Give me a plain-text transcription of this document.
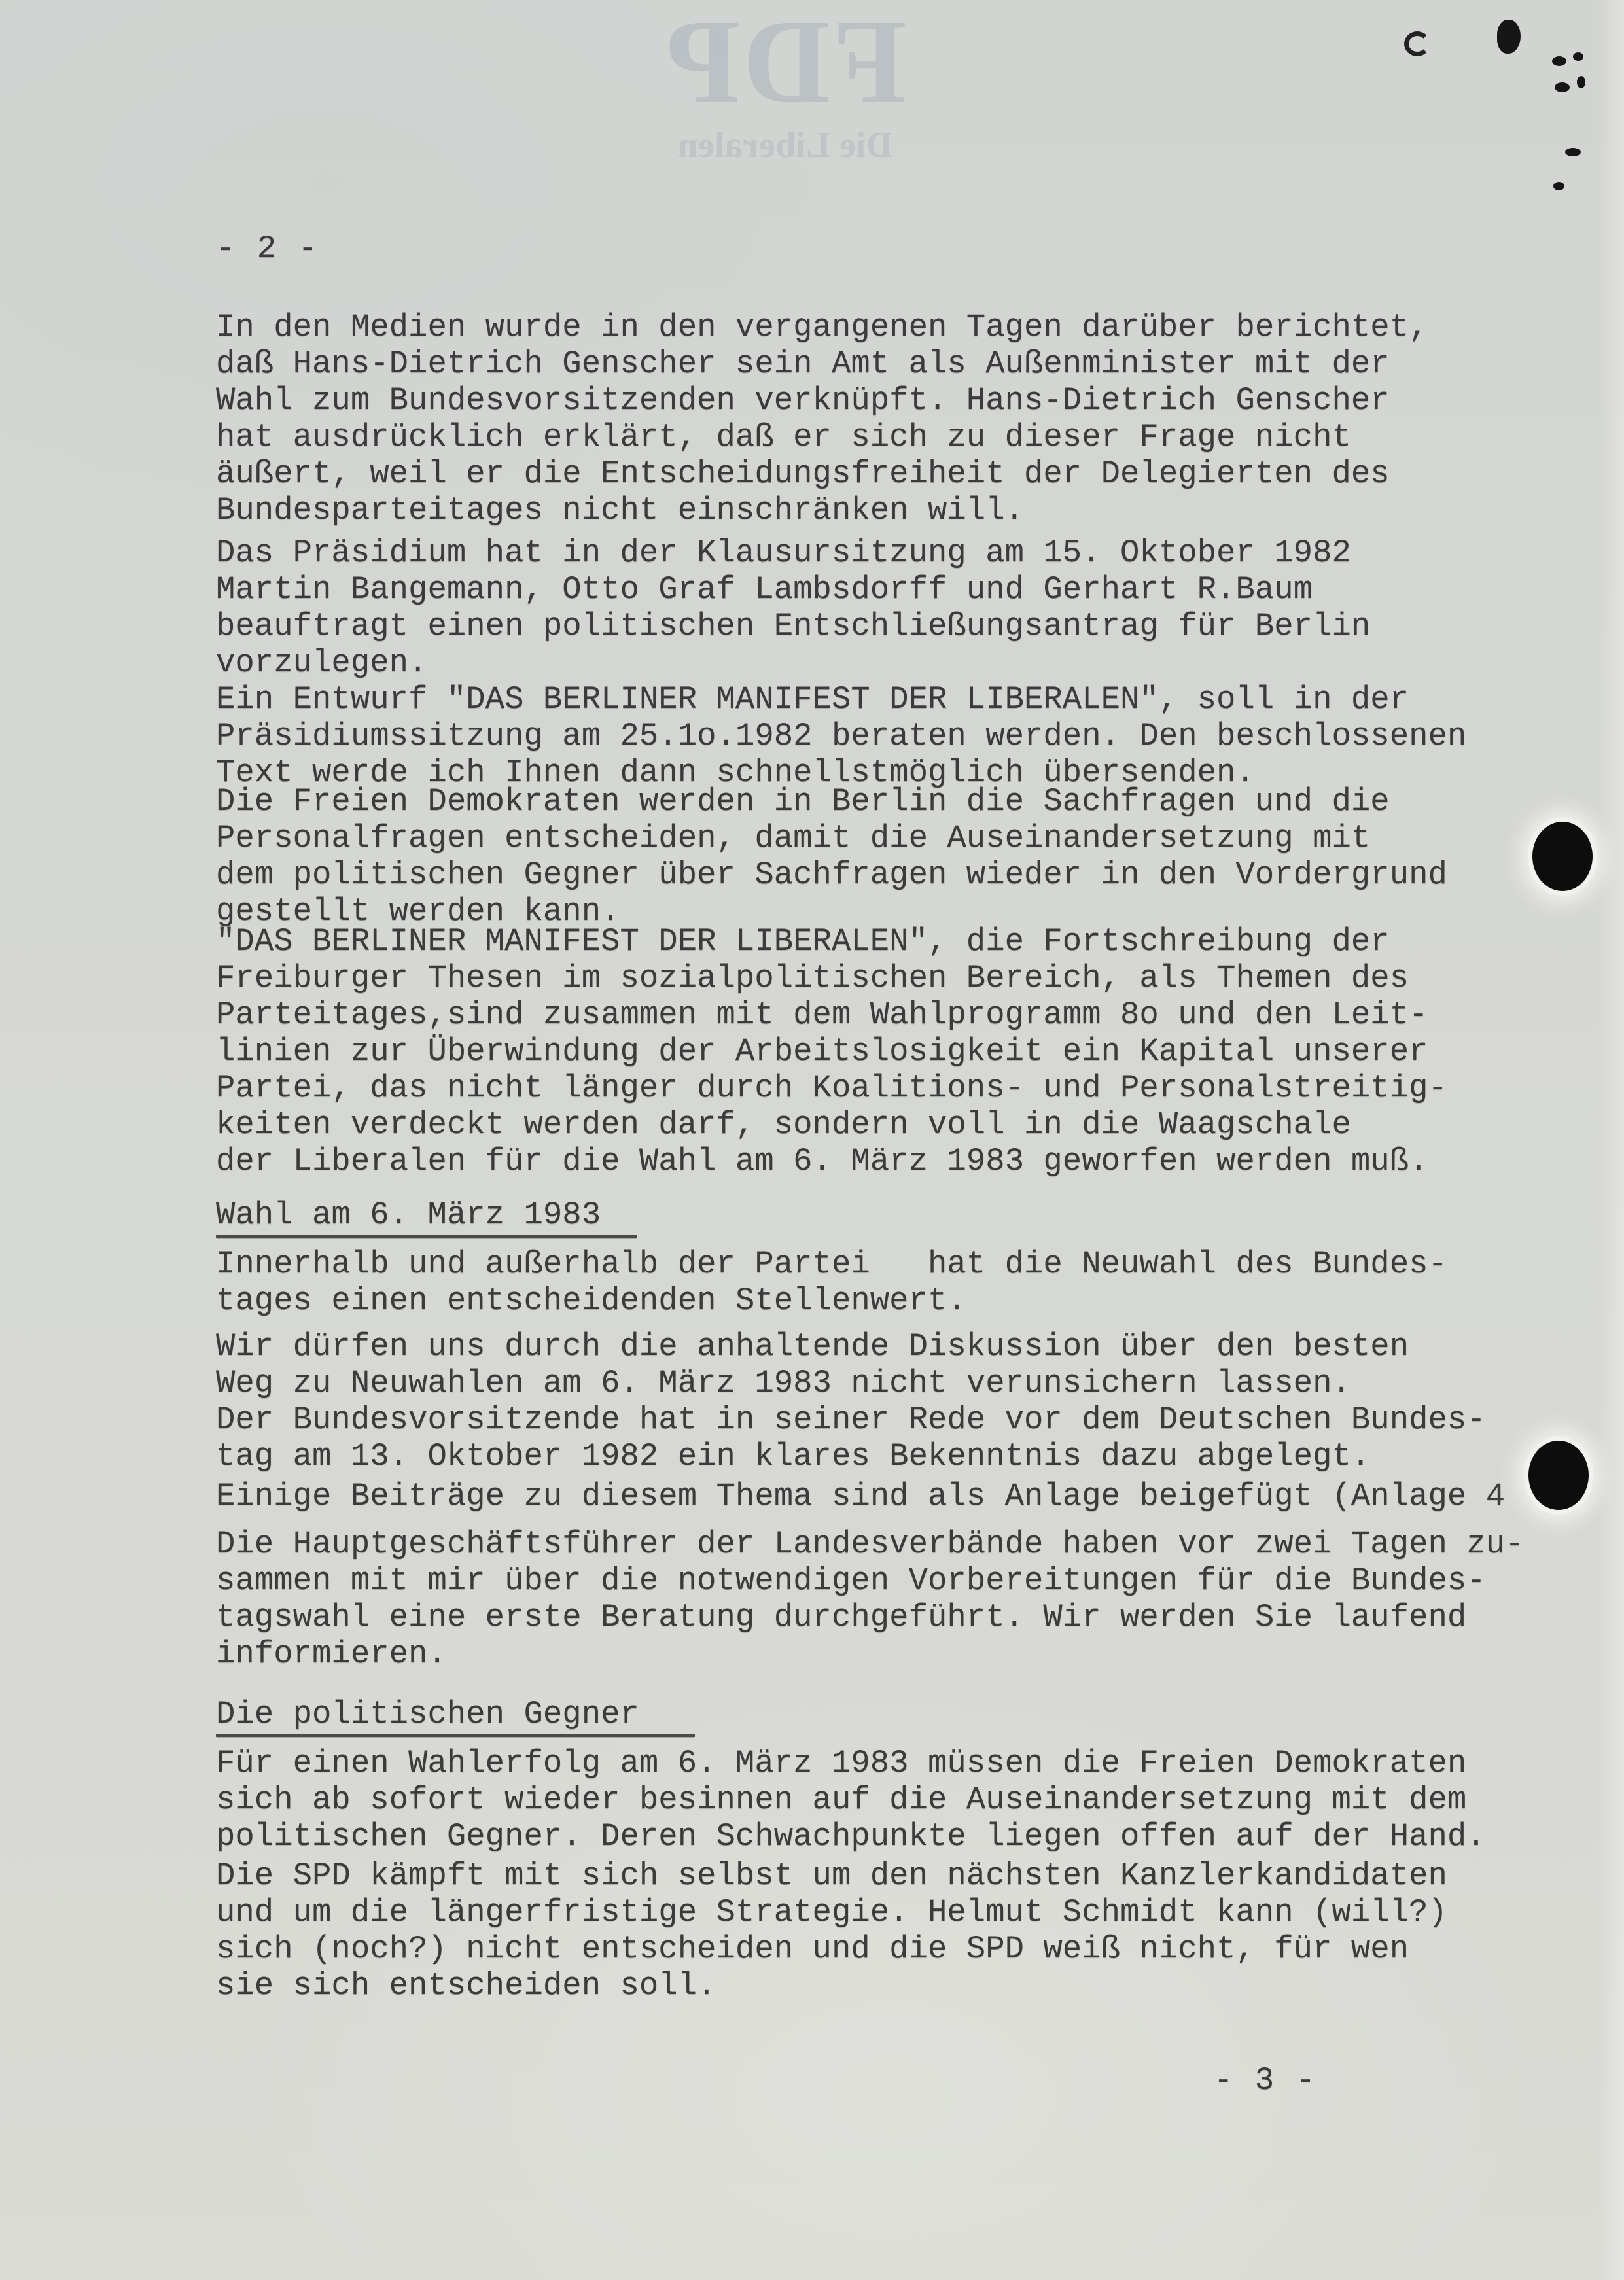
FDP
Die Liberalen
- 2 -
In den Medien wurde in den vergangenen Tagen darüber berichtet,
daß Hans-Dietrich Genscher sein Amt als Außenminister mit der
Wahl zum Bundesvorsitzenden verknüpft. Hans-Dietrich Genscher
hat ausdrücklich erklärt, daß er sich zu dieser Frage nicht
äußert, weil er die Entscheidungsfreiheit der Delegierten des
Bundesparteitages nicht einschränken will.
Das Präsidium hat in der Klausursitzung am 15. Oktober 1982
Martin Bangemann, Otto Graf Lambsdorff und Gerhart R.Baum
beauftragt einen politischen Entschließungsantrag für Berlin
vorzulegen.
Ein Entwurf "DAS BERLINER MANIFEST DER LIBERALEN", soll in der
Präsidiumssitzung am 25.1o.1982 beraten werden. Den beschlossenen
Text werde ich Ihnen dann schnellstmöglich übersenden.
Die Freien Demokraten werden in Berlin die Sachfragen und die
Personalfragen entscheiden, damit die Auseinandersetzung mit
dem politischen Gegner über Sachfragen wieder in den Vordergrund
gestellt werden kann.
"DAS BERLINER MANIFEST DER LIBERALEN", die Fortschreibung der
Freiburger Thesen im sozialpolitischen Bereich, als Themen des
Parteitages,sind zusammen mit dem Wahlprogramm 8o und den Leit-
linien zur Überwindung der Arbeitslosigkeit ein Kapital unserer
Partei, das nicht länger durch Koalitions- und Personalstreitig-
keiten verdeckt werden darf, sondern voll in die Waagschale
der Liberalen für die Wahl am 6. März 1983 geworfen werden muß.
Wahl am 6. März 1983
Innerhalb und außerhalb der Partei   hat die Neuwahl des Bundes-
tages einen entscheidenden Stellenwert.
Wir dürfen uns durch die anhaltende Diskussion über den besten
Weg zu Neuwahlen am 6. März 1983 nicht verunsichern lassen.
Der Bundesvorsitzende hat in seiner Rede vor dem Deutschen Bundes-
tag am 13. Oktober 1982 ein klares Bekenntnis dazu abgelegt.
Einige Beiträge zu diesem Thema sind als Anlage beigefügt (Anlage 4
Die Hauptgeschäftsführer der Landesverbände haben vor zwei Tagen zu-
sammen mit mir über die notwendigen Vorbereitungen für die Bundes-
tagswahl eine erste Beratung durchgeführt. Wir werden Sie laufend
informieren.
Die politischen Gegner
Für einen Wahlerfolg am 6. März 1983 müssen die Freien Demokraten
sich ab sofort wieder besinnen auf die Auseinandersetzung mit dem
politischen Gegner. Deren Schwachpunkte liegen offen auf der Hand.
Die SPD kämpft mit sich selbst um den nächsten Kanzlerkandidaten
und um die längerfristige Strategie. Helmut Schmidt kann (will?)
sich (noch?) nicht entscheiden und die SPD weiß nicht, für wen
sie sich entscheiden soll.
- 3 -
